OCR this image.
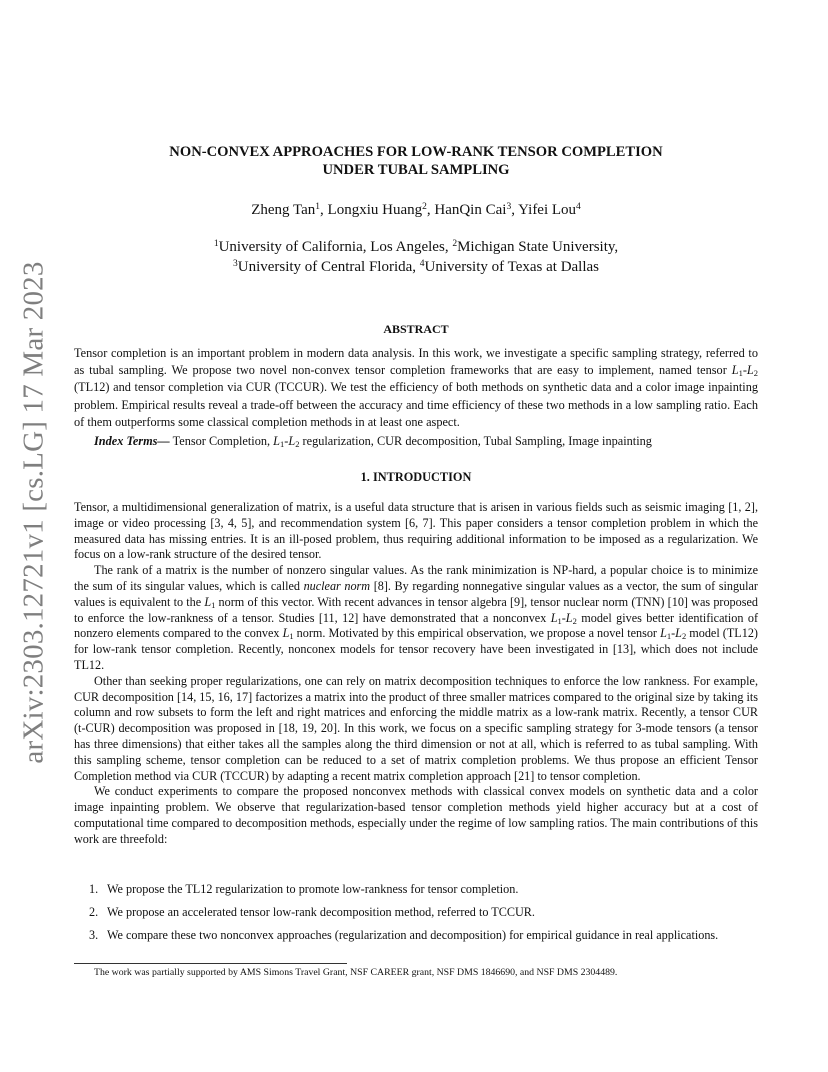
arXiv:2303.12721v1 [cs.LG] 17 Mar 2023
NON-CONVEX APPROACHES FOR LOW-RANK TENSOR COMPLETION
UNDER TUBAL SAMPLING
Zheng Tan$^1$, Longxiu Huang$^2$, HanQin Cai$^3$, Yifei Lou$^4$
$^1$University of California, Los Angeles, $^2$Michigan State University,
$^3$University of Central Florida, $^4$University of Texas at Dallas
ABSTRACT
Tensor completion is an important problem in modern data analysis. In this work, we investigate a specific sampling strategy, referred to as tubal sampling. We propose two novel non-convex tensor completion frameworks that are easy to implement, named tensor $L_1-L_2$ (TL12) and tensor completion via CUR (TCCUR). We test the efficiency of both methods on synthetic data and a color image inpainting problem. Empirical results reveal a trade-off between the accuracy and time efficiency of these two methods in a low sampling ratio. Each of them outperforms some classical completion methods in at least one aspect.
Index Terms— Tensor Completion, $L_1-L_2$ regularization, CUR decomposition, Tubal Sampling, Image inpainting
1. INTRODUCTION

Tensor, a multidimensional generalization of matrix, is a useful data structure that is arisen in various fields such as seismic imaging [1, 2], image or video processing [3, 4, 5], and recommendation system [6, 7]. This paper considers a tensor completion problem in which the measured data has missing entries. It is an ill-posed problem, thus requiring additional information to be imposed as a regularization. We focus on a low-rank structure of the desired tensor.

The rank of a matrix is the number of nonzero singular values. As the rank minimization is NP-hard, a popular choice is to minimize the sum of its singular values, which is called nuclear norm [8]. By regarding nonnegative singular values as a vector, the sum of singular values is equivalent to the $L_1$ norm of this vector. With recent advances in tensor algebra [9], tensor nuclear norm (TNN) [10] was proposed to enforce the low-rankness of a tensor. Studies [11, 12] have demonstrated that a nonconvex $L_1-L_2$ model gives better identification of nonzero elements compared to the convex $L_1$ norm. Motivated by this empirical observation, we propose a novel tensor $L_1-L_2$ model (TL12) for low-rank tensor completion. Recently, nonconex models for tensor recovery have been investigated in [13], which does not include TL12.

Other than seeking proper regularizations, one can rely on matrix decomposition techniques to enforce the low rankness. For example, CUR decomposition [14, 15, 16, 17] factorizes a matrix into the product of three smaller matrices compared to the original size by taking its column and row subsets to form the left and right matrices and enforcing the middle matrix as a low-rank matrix. Recently, a tensor CUR (t-CUR) decomposition was proposed in [18, 19, 20]. In this work, we focus on a specific sampling strategy for 3-mode tensors (a tensor has three dimensions) that either takes all the samples along the third dimension or not at all, which is referred to as tubal sampling. With this sampling scheme, tensor completion can be reduced to a set of matrix completion problems. We thus propose an efficient Tensor Completion method via CUR (TCCUR) by adapting a recent matrix completion approach [21] to tensor completion.

We conduct experiments to compare the proposed nonconvex methods with classical convex models on synthetic data and a color image inpainting problem. We observe that regularization-based tensor completion methods yield higher accuracy but at a cost of computational time compared to decomposition methods, especially under the regime of low sampling ratios. The main contributions of this work are threefold:

1. We propose the TL12 regularization to promote low-rankness for tensor completion.
2. We propose an accelerated tensor low-rank decomposition method, referred to TCCUR.
3. We compare these two nonconvex approaches (regularization and decomposition) for empirical guidance in real applications.
The work was partially supported by AMS Simons Travel Grant, NSF CAREER grant, NSF DMS 1846690, and NSF DMS 2304489.
